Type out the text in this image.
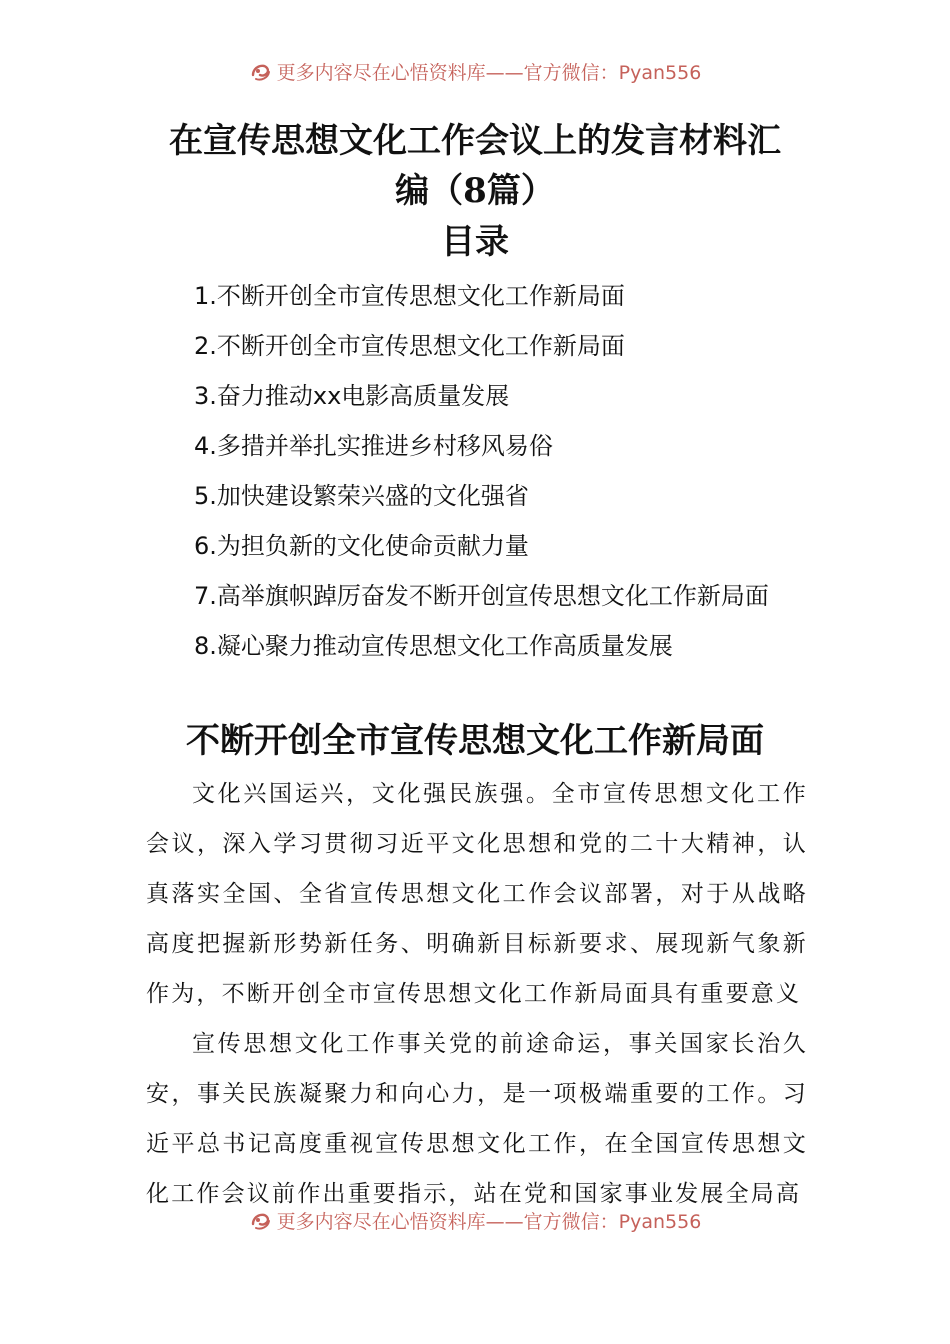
更多内容尽在心悟资料库——官方微信：Pyan556
在宣传思想文化工作会议上的发言材料汇
编（8篇）
目录
1.不断开创全市宣传思想文化工作新局面
2.不断开创全市宣传思想文化工作新局面
3.奋力推动xx电影高质量发展
4.多措并举扎实推进乡村移风易俗
5.加快建设繁荣兴盛的文化强省
6.为担负新的文化使命贡献力量
7.高举旗帜踔厉奋发不断开创宣传思想文化工作新局面
8.凝心聚力推动宣传思想文化工作高质量发展
不断开创全市宣传思想文化工作新局面

文化兴国运兴，文化强民族强。全市宣传思想文化工作会议，深入学习贯彻习近平文化思想和党的二十大精神，认真落实全国、全省宣传思想文化工作会议部署，对于从战略高度把握新形势新任务、明确新目标新要求、展现新气象新作为，不断开创全市宣传思想文化工作新局面具有重要意义

宣传思想文化工作事关党的前途命运，事关国家长治久安，事关民族凝聚力和向心力，是一项极端重要的工作。习近平总书记高度重视宣传思想文化工作，在全国宣传思想文化工作会议前作出重要指示，站在党和国家事业发展全局高

更多内容尽在心悟资料库——官方微信：Pyan556
